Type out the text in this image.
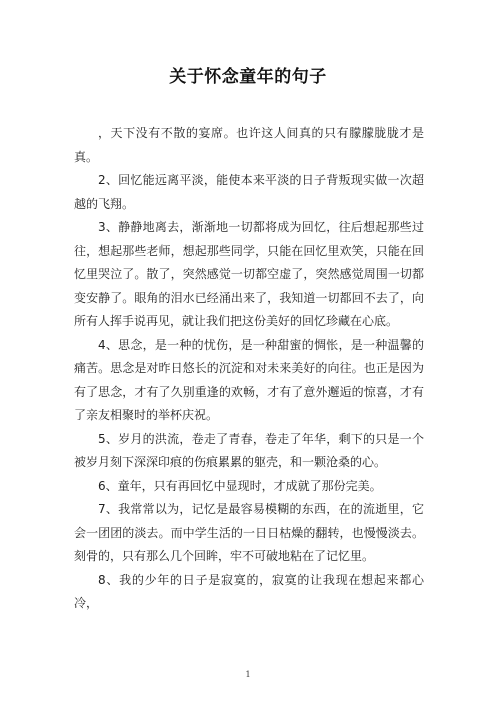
关于怀念童年的句子

，天下没有不散的宴席。也许这人间真的只有朦朦胧胧才是真。

2、回忆能远离平淡，能使本来平淡的日子背叛现实做一次超越的飞翔。

3、静静地离去，渐渐地一切都将成为回忆，往后想起那些过往，想起那些老师，想起那些同学，只能在回忆里欢笑，只能在回忆里哭泣了。散了，突然感觉一切都空虚了，突然感觉周围一切都变安静了。眼角的泪水已经涌出来了，我知道一切都回不去了，向所有人挥手说再见，就让我们把这份美好的回忆珍藏在心底。

4、思念，是一种的忧伤，是一种甜蜜的惆怅，是一种温馨的痛苦。思念是对昨日悠长的沉淀和对未来美好的向往。也正是因为有了思念，才有了久别重逢的欢畅，才有了意外邂逅的惊喜，才有了亲友相聚时的举杯庆祝。

5、岁月的洪流，卷走了青春，卷走了年华，剩下的只是一个被岁月刻下深深印痕的伤痕累累的躯壳，和一颗沧桑的心。

6、童年，只有再回忆中显现时，才成就了那份完美。

7、我常常以为，记忆是最容易模糊的东西，在的流逝里，它会一团团的淡去。而中学生活的一日日枯燥的翻转，也慢慢淡去。刻骨的，只有那么几个回眸，牢不可破地粘在了记忆里。

8、我的少年的日子是寂寞的，寂寞的让我现在想起来都心冷，

1
